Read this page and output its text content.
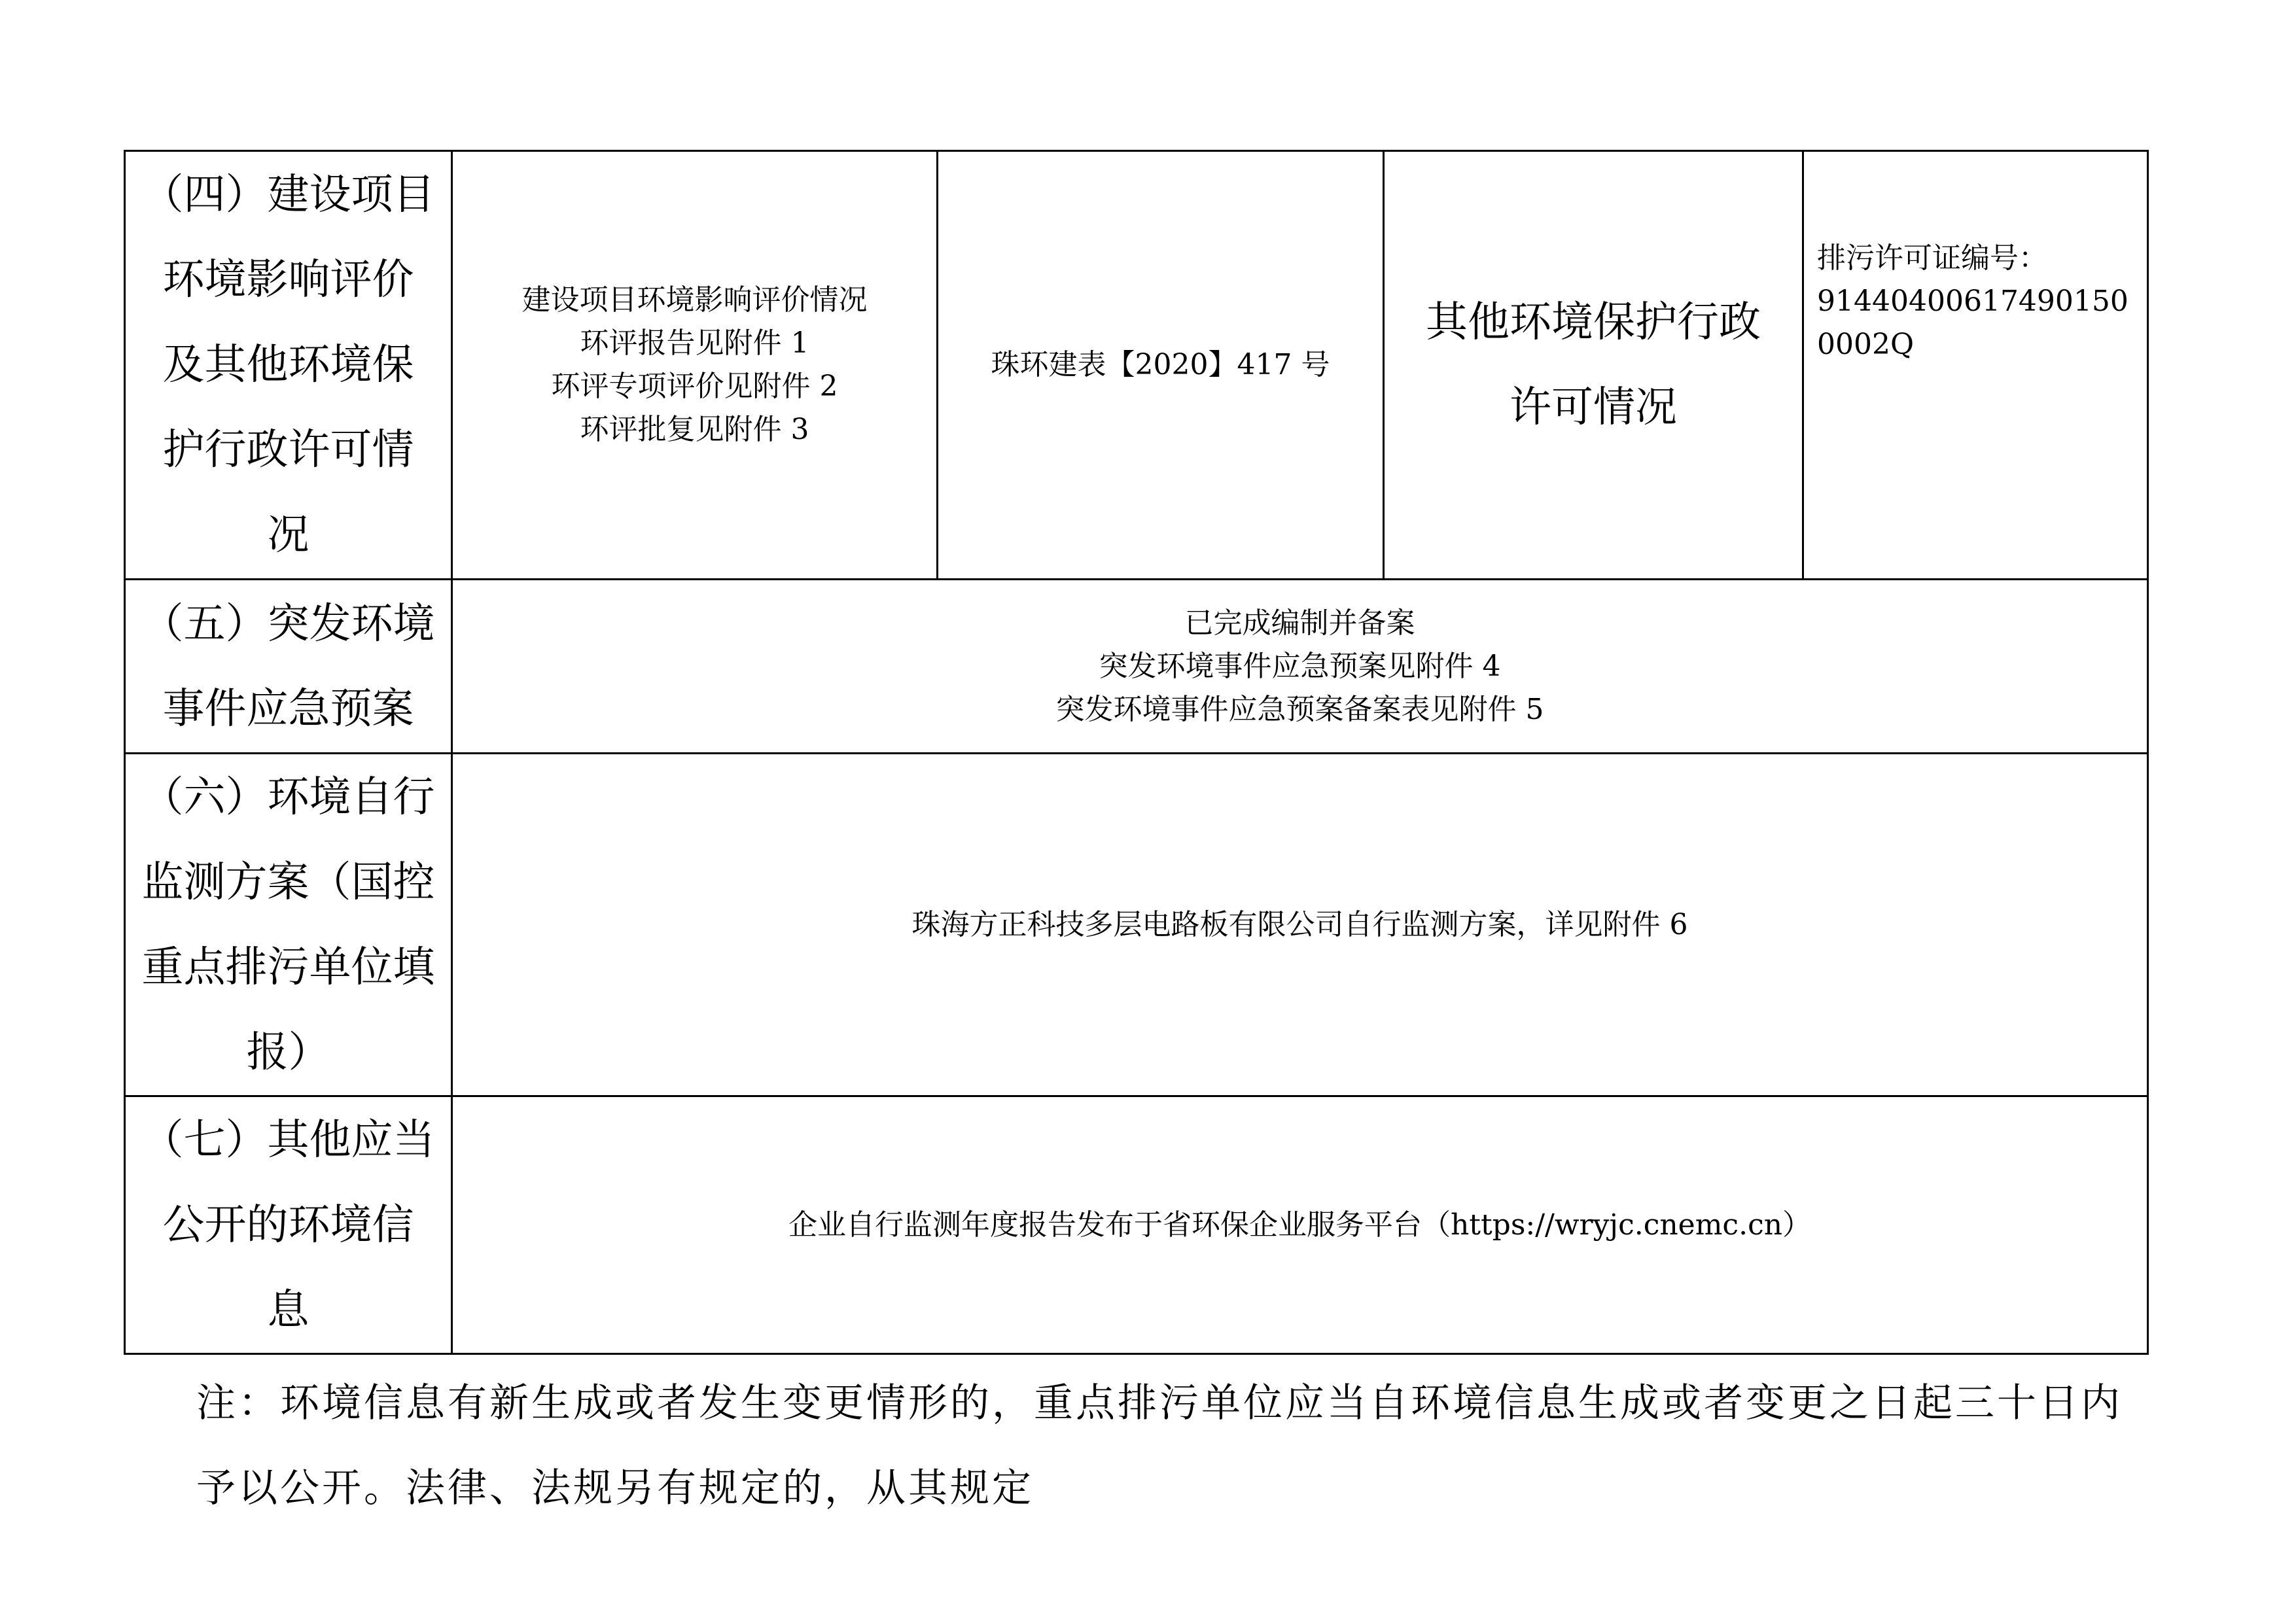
（四）建设项目
环境影响评价
及其他环境保
护行政许可情
况	建设项目环境影响评价情况
环评报告见附件 1
环评专项评价见附件 2
环评批复见附件 3	珠环建表【2020】417 号	其他环境保护行政
许可情况	排污许可证编号：
914404006174901500002Q

（五）突发环境
事件应急预案	已完成编制并备案
突发环境事件应急预案见附件 4
突发环境事件应急预案备案表见附件 5			

（六）环境自行
监测方案（国控
重点排污单位填
报）	珠海方正科技多层电路板有限公司自行监测方案，详见附件 6			

（七）其他应当
公开的环境信
息	企业自行监测年度报告发布于省环保企业服务平台（https://wryjc.cnemc.cn）			
注：环境信息有新生成或者发生变更情形的，重点排污单位应当自环境信息生成或者变更之日起三十日内予以公开。法律、法规另有规定的，从其规定
